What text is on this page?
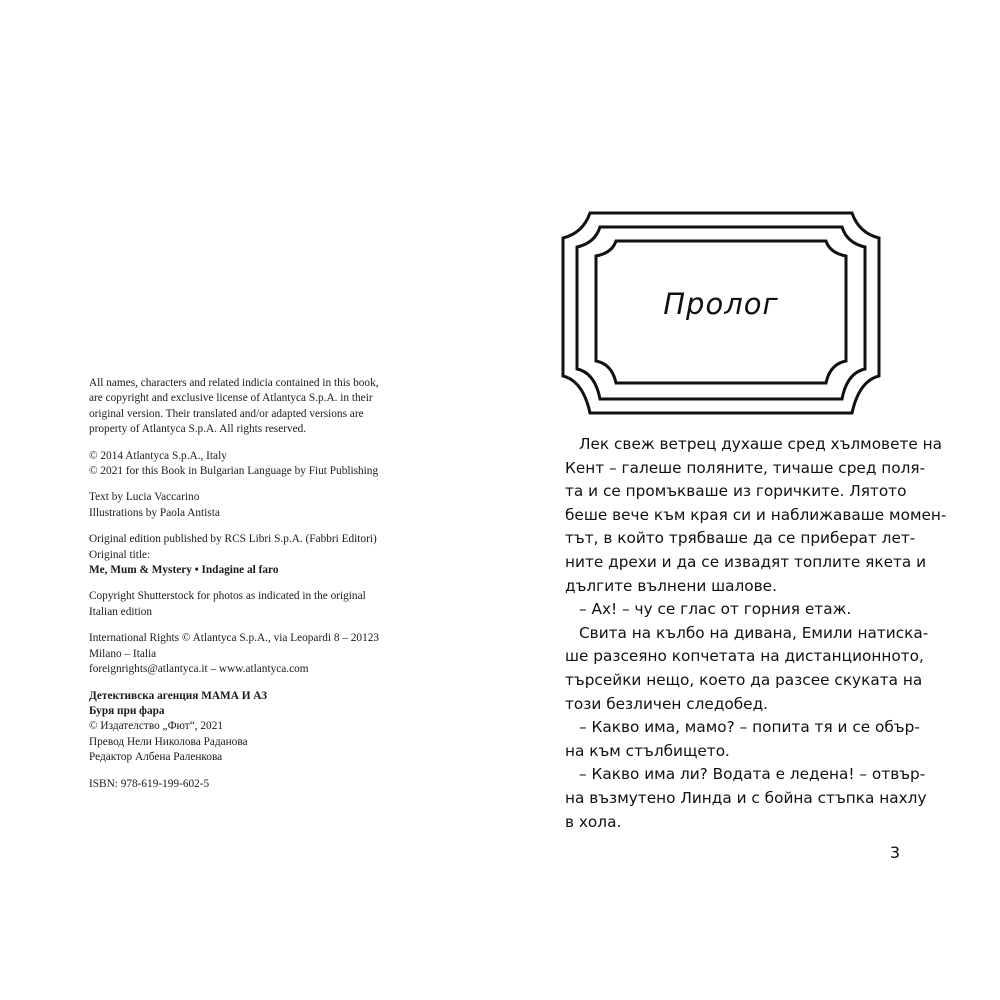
All names, characters and related indicia contained in this book,
are copyright and exclusive license of Atlantyca S.p.A. in their
original version. Their translated and/or adapted versions are
property of Atlantyca S.p.A. All rights reserved.

© 2014 Atlantyca S.p.A., Italy
© 2021 for this Book in Bulgarian Language by Fiut Publishing

Text by Lucia Vaccarino
Illustrations by Paola Antista

Original edition published by RCS Libri S.p.A. (Fabbri Editori)
Original title:
Me, Mum & Mystery • Indagine al faro

Copyright Shutterstock for photos as indicated in the original
Italian edition

International Rights © Atlantyca S.p.A., via Leopardi 8 – 20123
Milano – Italia
foreignrights@atlantyca.it – www.atlantyca.com

Детективска агенция МАМА И АЗ
Буря при фара
© Издателство „Фют“, 2021
Превод Нели Николова Раданова
Редактор Албена Раленкова

ISBN: 978-619-199-602-5

Пролог
Лек свеж ветрец духаше сред хълмовете на
Кент – галеше поляните, тичаше сред поля-
та и се промъкваше из горичките. Лятото
беше вече към края си и наближаваше момен-
тът, в който трябваше да се приберат лет-
ните дрехи и да се извадят топлите якета и
дългите вълнени шалове.
– Ах! – чу се глас от горния етаж.
Свита на кълбо на дивана, Емили натиска-
ше разсеяно копчетата на дистанционното,
търсейки нещо, което да разсее скуката на
този безличен следобед.
– Какво има, мамо? – попита тя и се обър-
на към стълбището.
– Какво има ли? Водата е ледена! – отвър-
на възмутено Линда и с бойна стъпка нахлу
в хола.
3
